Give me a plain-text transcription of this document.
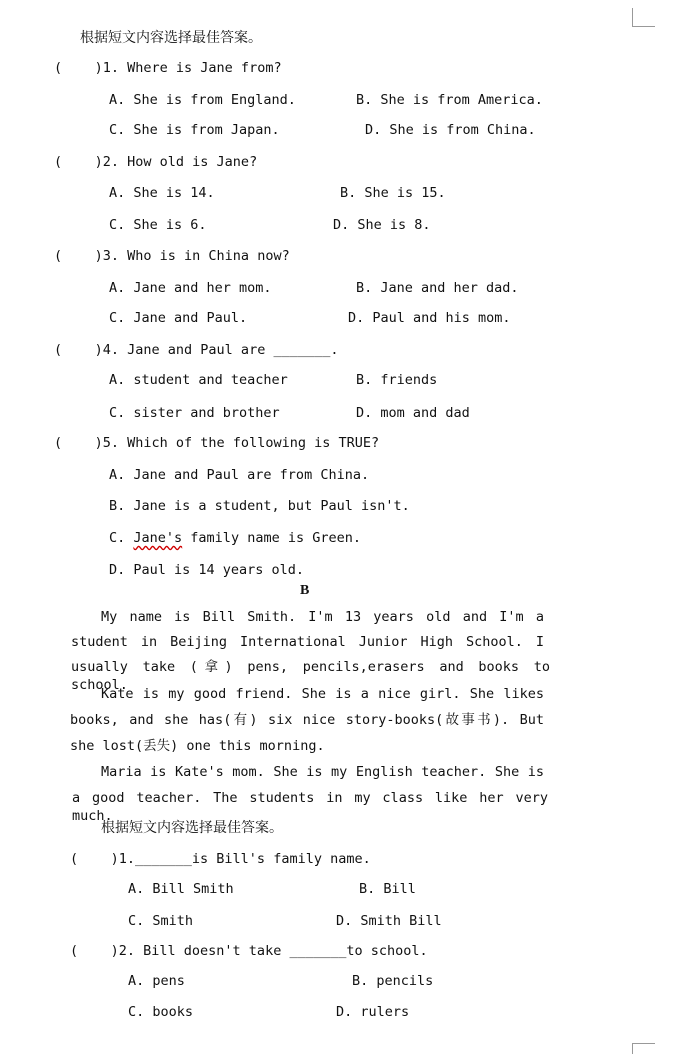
根据短文内容选择最佳答案。
(    )1. Where is Jane from?
A. She is from England.	B. She is from America.
C. She is from Japan.	D. She is from China.
(    )2. How old is Jane?
A. She is 14.	B. She is 15.
C. She is 6.	D. She is 8.
(    )3. Who is in China now?
A. Jane and her mom.	B. Jane and her dad.
C. Jane and Paul.	D. Paul and his mom.
(    )4. Jane and Paul are _______.
A. student and teacher	B. friends
C. sister and brother	D. mom and dad
(    )5. Which of the following is TRUE?
A. Jane and Paul are from China.
B. Jane is a student, but Paul isn't.
C. Jane's family name is Green.
D. Paul is 14 years old.
B
My name is Bill Smith. I'm 13 years old and I'm a
student in Beijing International Junior High School. I
usually take (拿) pens, pencils,erasers and books to school.
Kate is my good friend. She is a nice girl. She likes
books, and she has(有) six nice story-books(故事书). But
she lost(丢失) one this morning.
Maria is Kate's mom. She is my English teacher. She is
a good teacher. The students in my class like her very much.
根据短文内容选择最佳答案。
(    )1._______is Bill's family name.
A. Bill Smith	B. Bill
C. Smith	D. Smith Bill
(    )2. Bill doesn't take _______to school.
A. pens	B. pencils
C. books	D. rulers
